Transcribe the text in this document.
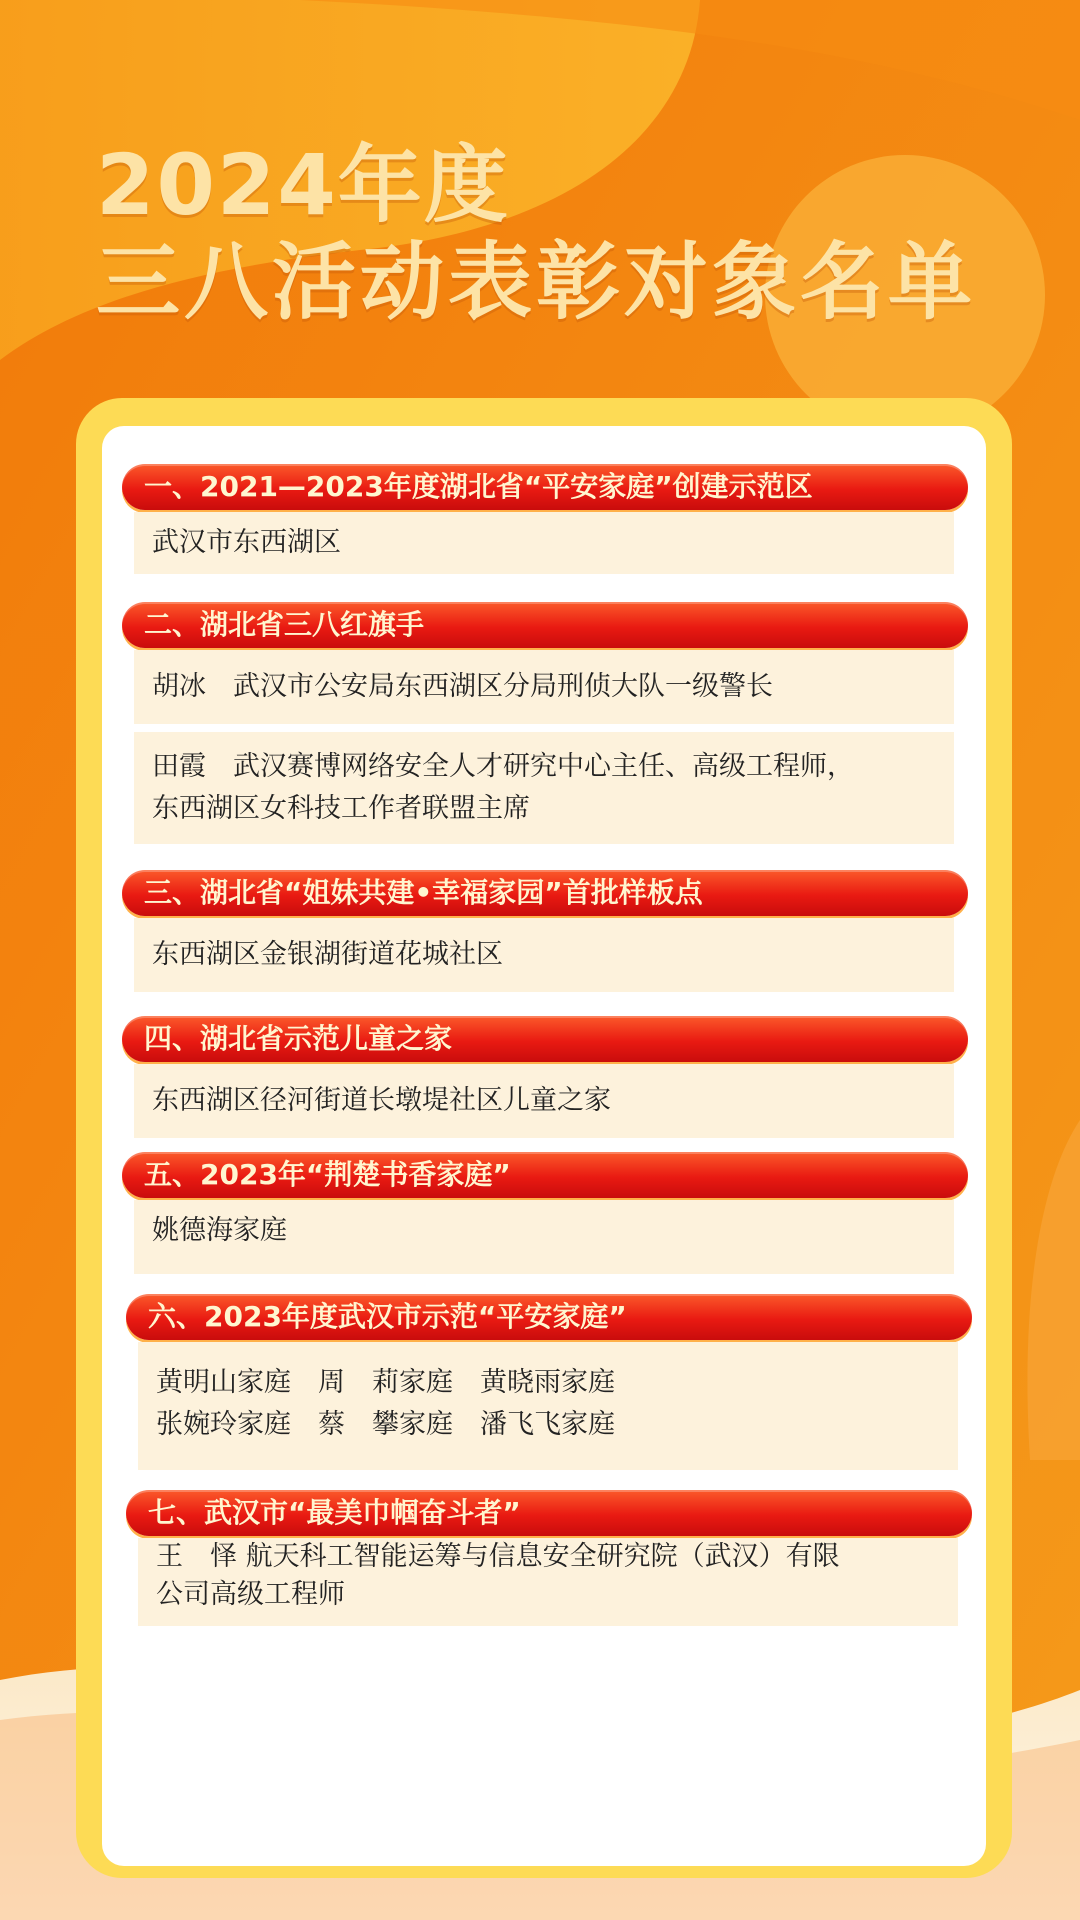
2024年度
三八活动表彰对象名单
一、2021—2023年度湖北省“平安家庭”创建示范区
武汉市东西湖区
二、湖北省三八红旗手
胡冰　武汉市公安局东西湖区分局刑侦大队一级警长
田霞　武汉赛博网络安全人才研究中心主任、高级工程师，
东西湖区女科技工作者联盟主席
三、湖北省“姐妹共建•幸福家园”首批样板点
东西湖区金银湖街道花城社区
四、湖北省示范儿童之家
东西湖区径河街道长墩堤社区儿童之家
五、2023年“荆楚书香家庭”
姚德海家庭
六、2023年度武汉市示范“平安家庭”
黄明山家庭　周　莉家庭　黄晓雨家庭
张婉玲家庭　蔡　攀家庭　潘飞飞家庭
七、武汉市“最美巾帼奋斗者”
王　怿 航天科工智能运筹与信息安全研究院（武汉）有限
公司高级工程师
东西湖融媒
Dongxihu Media Integration
